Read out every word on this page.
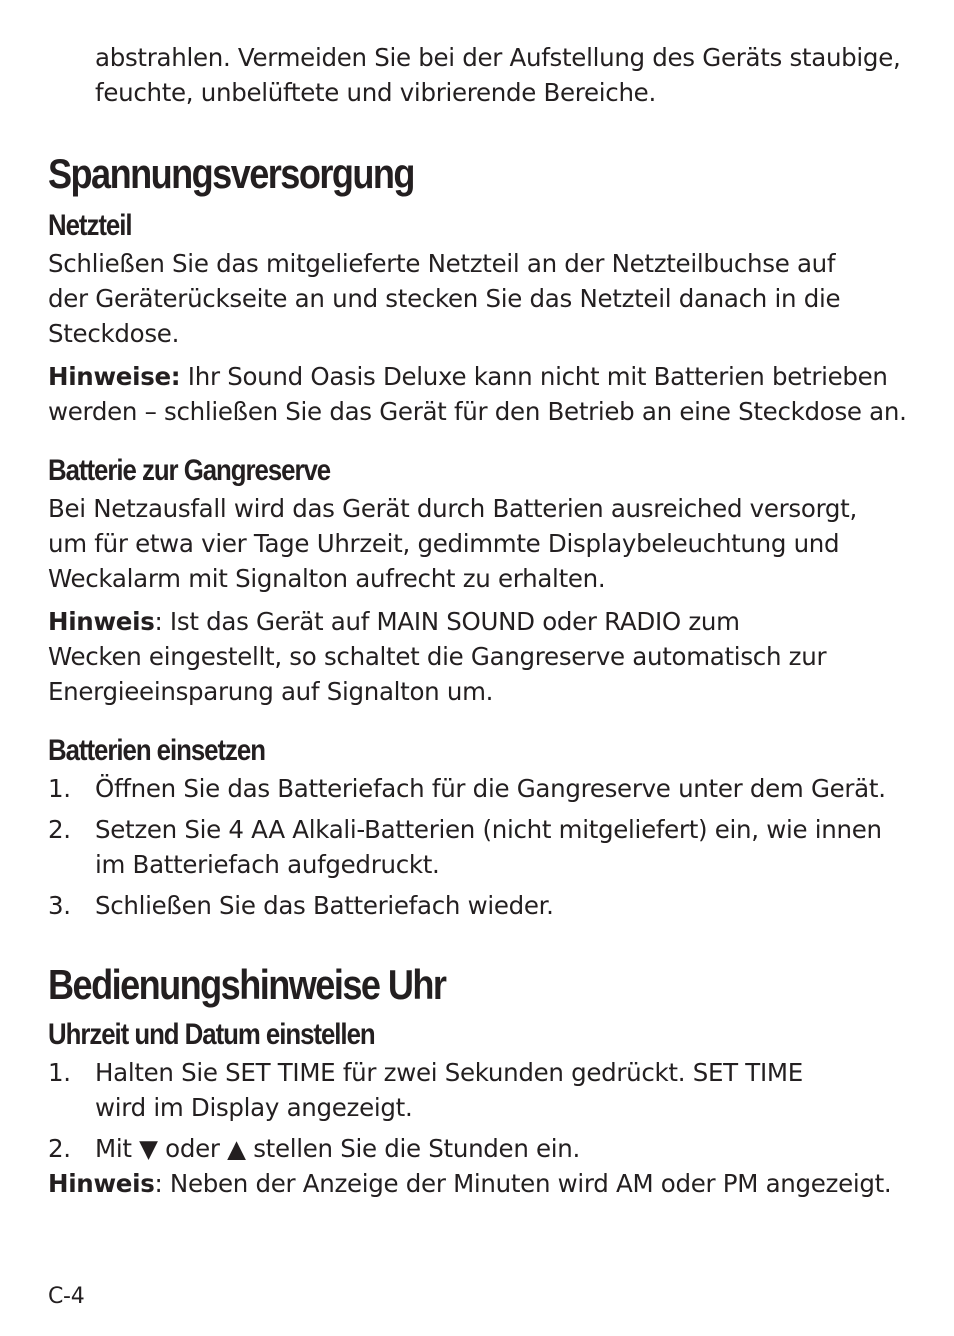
abstrahlen. Vermeiden Sie bei der Aufstellung des Geräts staubige,
feuchte, unbelüftete und vibrierende Bereiche.

Spannungsversorgung
Netzteil

Schließen Sie das mitgelieferte Netzteil an der Netzteilbuchse auf
der Geräterückseite an und stecken Sie das Netzteil danach in die
Steckdose.

Hinweise: Ihr Sound Oasis Deluxe kann nicht mit Batterien betrieben
werden – schließen Sie das Gerät für den Betrieb an eine Steckdose an.

Batterie zur Gangreserve

Bei Netzausfall wird das Gerät durch Batterien ausreiched versorgt,
um für etwa vier Tage Uhrzeit, gedimmte Displaybeleuchtung und
Weckalarm mit Signalton aufrecht zu erhalten.

Hinweis: Ist das Gerät auf MAIN SOUND oder RADIO zum
Wecken eingestellt, so schaltet die Gangreserve automatisch zur
Energieeinsparung auf Signalton um.

Batterien einsetzen
1. Öffnen Sie das Batteriefach für die Gangreserve unter dem Gerät.
2. Setzen Sie 4 AA Alkali-Batterien (nicht mitgeliefert) ein, wie innen
im Batteriefach aufgedruckt.
3. Schließen Sie das Batteriefach wieder.
Bedienungshinweise Uhr
Uhrzeit und Datum einstellen
1. Halten Sie SET TIME für zwei Sekunden gedrückt. SET TIME
wird im Display angezeigt.
2. Mit ▼ oder ▲ stellen Sie die Stunden ein.

Hinweis: Neben der Anzeige der Minuten wird AM oder PM angezeigt.

C-4
